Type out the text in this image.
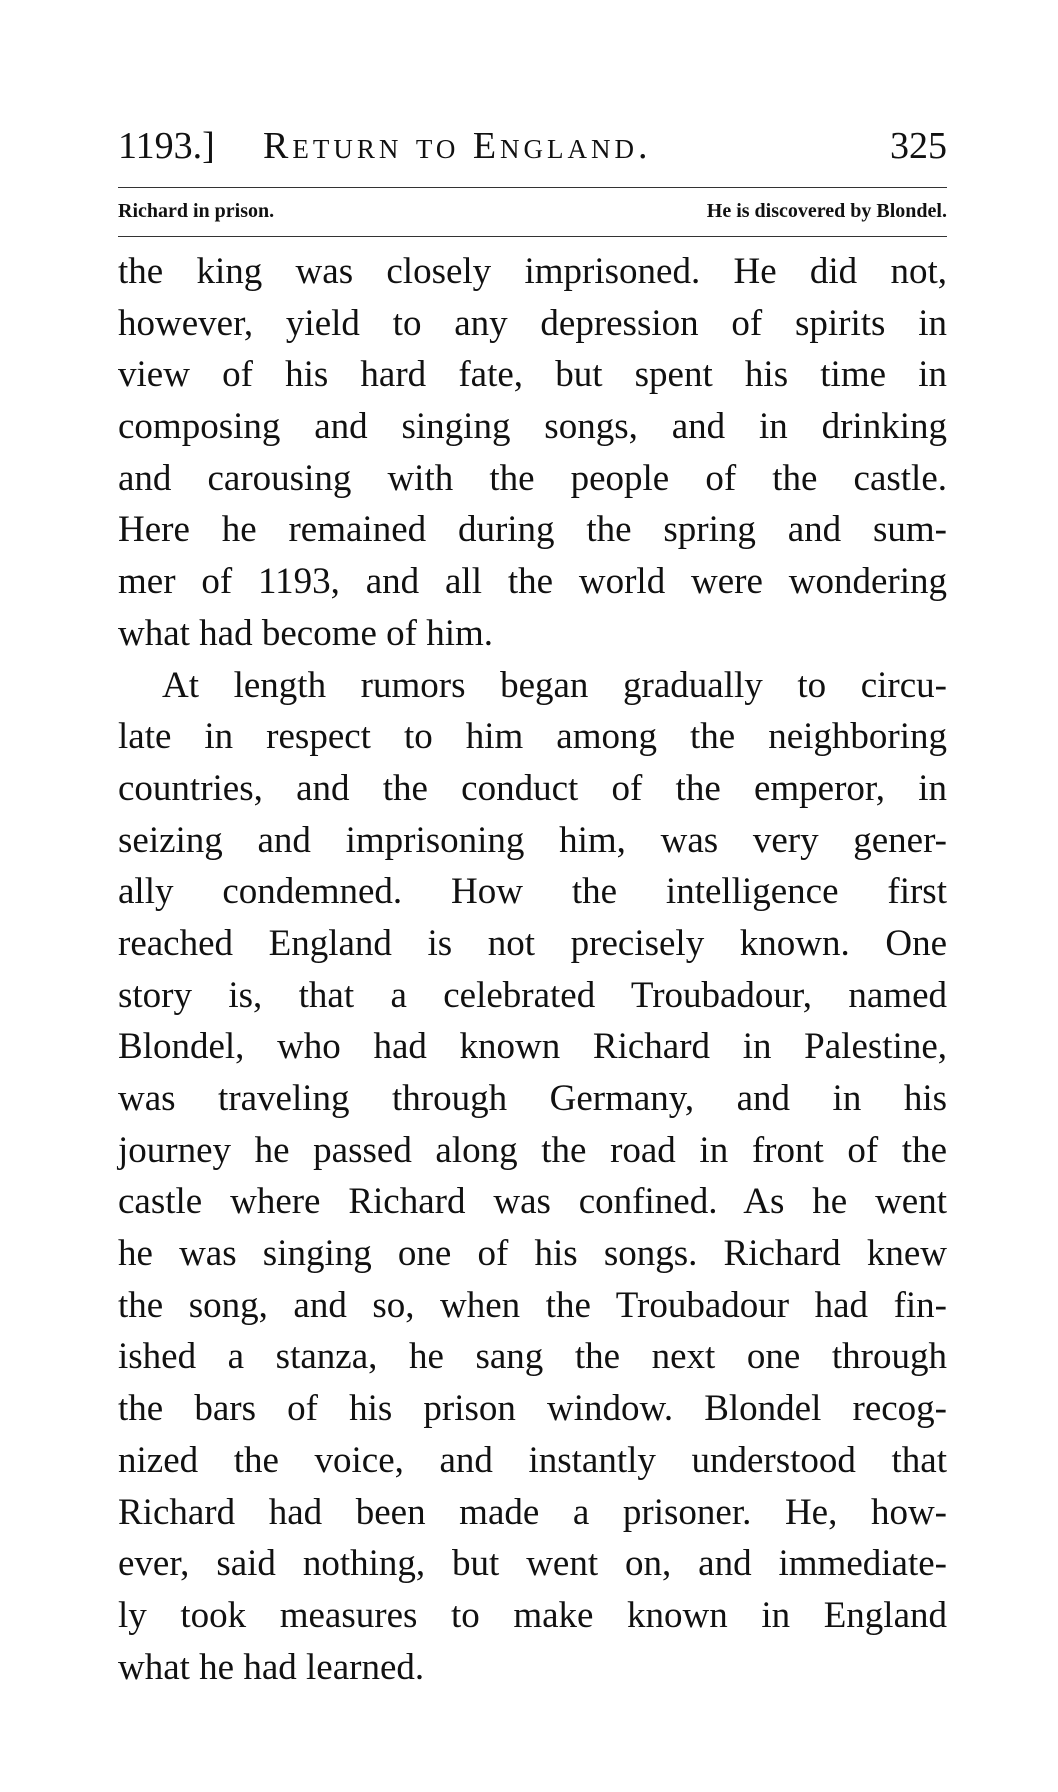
1193.] Return to England.	325
Richard in prison.	He is discovered by Blondel.
the king was closely imprisoned. He did not,
however, yield to any depression of spirits in
view of his hard fate, but spent his time in
composing and singing songs, and in drinking
and carousing with the people of the castle.
Here he remained during the spring and sum-
mer of 1193, and all the world were wondering
what had become of him.
At length rumors began gradually to circu-
late in respect to him among the neighboring
countries, and the conduct of the emperor, in
seizing and imprisoning him, was very gener-
ally condemned. How the intelligence first
reached England is not precisely known. One
story is, that a celebrated Troubadour, named
Blondel, who had known Richard in Palestine,
was traveling through Germany, and in his
journey he passed along the road in front of the
castle where Richard was confined. As he went
he was singing one of his songs. Richard knew
the song, and so, when the Troubadour had fin-
ished a stanza, he sang the next one through
the bars of his prison window. Blondel recog-
nized the voice, and instantly understood that
Richard had been made a prisoner. He, how-
ever, said nothing, but went on, and immediate-
ly took measures to make known in England
what he had learned.
